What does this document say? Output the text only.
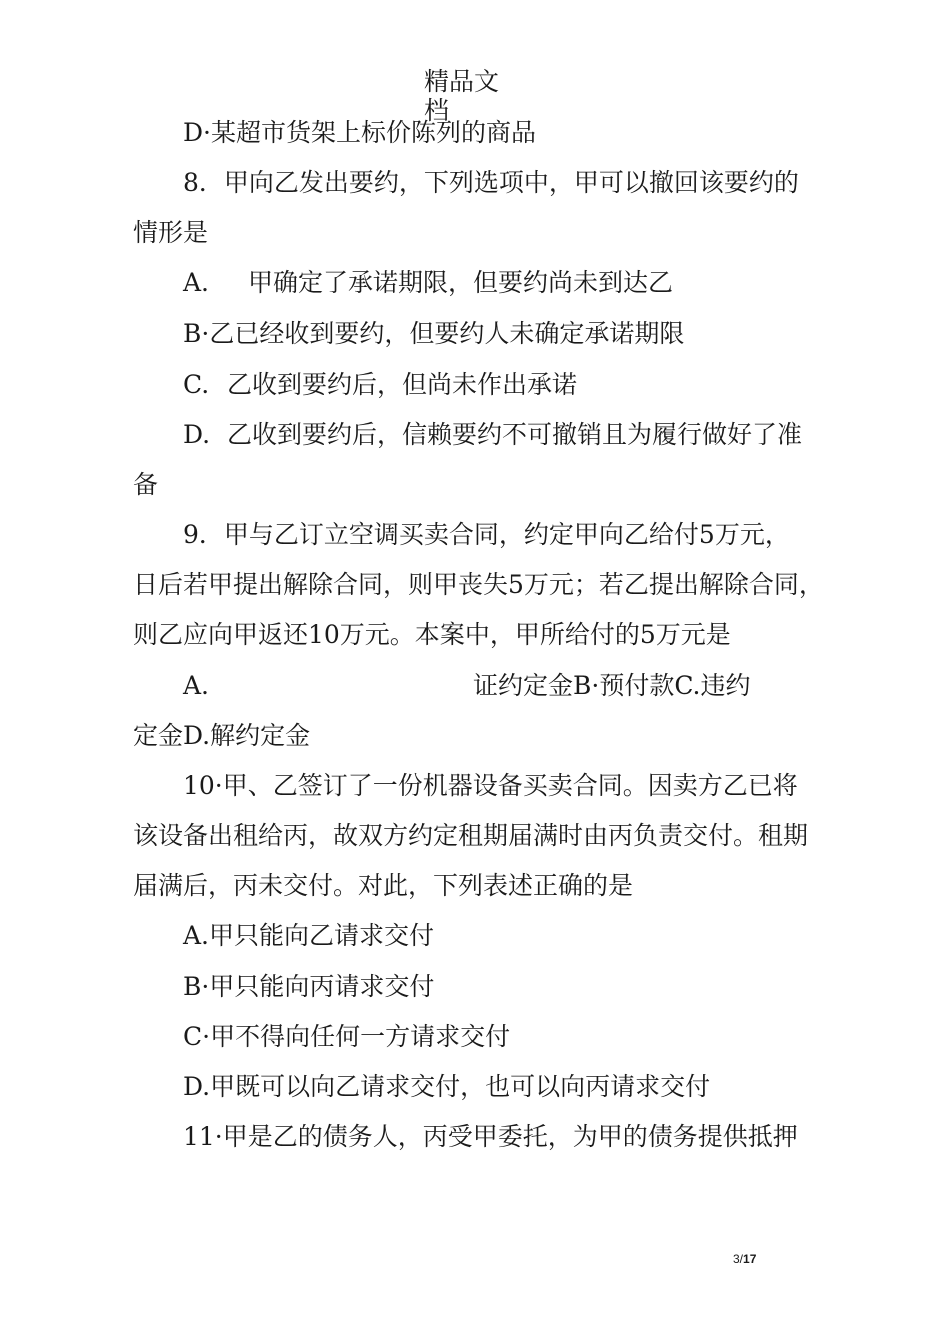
精品文
档
D·某超市货架上标价陈列的商品
8．甲向乙发出要约，下列选项中，甲可以撤回该要约的
情形是
A. 甲确定了承诺期限，但要约尚未到达乙
B·乙已经收到要约，但要约人未确定承诺期限
C. 乙收到要约后，但尚未作出承诺
D. 乙收到要约后，信赖要约不可撤销且为履行做好了准
备
9．甲与乙订立空调买卖合同，约定甲向乙给付5万元，
日后若甲提出解除合同，则甲丧失5万元；若乙提出解除合同，
则乙应向甲返还10万元。本案中，甲所给付的5万元是
A.	证约定金B·预付款C.违约
定金D.解约定金
10·甲、乙签订了一份机器设备买卖合同。因卖方乙已将
该设备出租给丙，故双方约定租期届满时由丙负责交付。租期
届满后，丙未交付。对此，下列表述正确的是
A.甲只能向乙请求交付
B·甲只能向丙请求交付
C·甲不得向任何一方请求交付
D.甲既可以向乙请求交付，也可以向丙请求交付
11·甲是乙的债务人，丙受甲委托，为甲的债务提供抵押
3/17
